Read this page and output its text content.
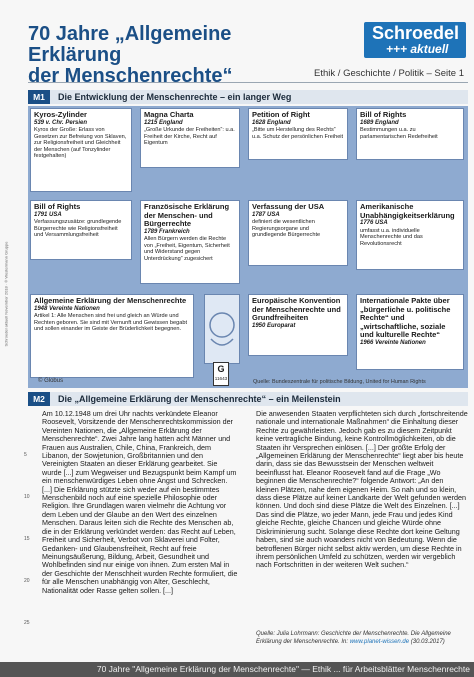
70 Jahre „Allgemeine Erklärung
der Menschenrechte“
Schroedel
+++ aktuell
Ethik / Geschichte / Politik – Seite 1
M1	Die Entwicklung der Menschenrechte – ein langer Weg
Kyros-Zylinder
539 v. Chr. Persien
Kyros der Große: Erlass von Gesetzen zur Befreiung von Sklaven, zur Religionsfreiheit und Gleichheit der Menschen (auf Tonzylinder festgehalten)
Magna Charta
1215 England
„Große Urkunde der Freiheiten“: u.a. Freiheit der Kirche, Recht auf Eigentum
Petition of Right
1628 England
„Bitte um Herstellung des Rechts“ u.a. Schutz der persönlichen Freiheit
Bill of Rights
1689 England
Bestimmungen u.a. zu parlamentarischen Redefreiheit
Bill of Rights
1791 USA
Verfassungszusätze: grundlegende Bürgerrechte wie Religionsfreiheit und Versammlungsfreiheit
Französische Erklärung der Menschen- und Bürgerrechte
1789 Frankreich
Allen Bürgern werden die Rechte von „Freiheit, Eigentum, Sicherheit und Widerstand gegen Unterdrückung“ zugesichert
Verfassung der USA
1787 USA
definiert die wesentlichen Regierungsorgane und grundlegende Bürgerrechte
Amerikanische Unabhängigkeitserklärung
1776 USA
umfasst u.a. individuelle Menschenrechte und das Revolutionsrecht
Allgemeine Erklärung der Menschenrechte
1948 Vereinte Nationen
Artikel 1: Alle Menschen sind frei und gleich an Würde und Rechten geboren. Sie sind mit Vernunft und Gewissen begabt und sollen einander im Geiste der Brüderlichkeit begegnen.
Europäische Konvention der Menschenrechte und Grundfreiheiten
1950 Europarat
Internationale Pakte über „bürgerliche u. politische Rechte“ und „wirtschaftliche, soziale und kulturelle Rechte“
1966 Vereinte Nationen
Schroedel aktuell November 2018 · © Westermann Gruppe
© Globus
G
11643
Quelle: Bundeszentrale für politische Bildung, United for Human Rights
M2	Die „Allgemeine Erklärung der Menschenrechte“ – ein Meilenstein
5
10
15
20
25
Am 10.12.1948 um drei Uhr nachts verkündete Eleanor Roosevelt, Vorsitzende der Menschenrechtskommission der Vereinten Nationen, die „Allgemeine Erklärung der Menschenrechte“. Zwei Jahre lang hatten acht Männer und Frauen aus Australien, Chile, China, Frankreich, dem Libanon, der Sowjetunion, Großbritannien und den Vereinigten Staaten an dieser Erklärung gearbeitet. Sie wurde [...] zum Wegweiser und Bezugspunkt beim Kampf um ein menschenwürdiges Leben ohne Angst und Schrecken. [...] Die Erklärung stützte sich weder auf ein bestimmtes Menschenbild noch auf eine spezielle Philosophie oder Religion. Ihre Grundlagen waren vielmehr die Achtung vor dem Leben und der Glaube an den Wert des einzelnen Menschen. Daraus leiten sich die Rechte des Menschen ab, die in der Erklärung verkündet werden: das Recht auf Leben, Freiheit und Sicherheit, Verbot von Sklaverei und Folter, Gedanken- und Glaubensfreiheit, Recht auf freie Meinungsäußerung, Bildung, Arbeit, Gesundheit und Wohlbefinden sind nur einige von ihnen. Zum ersten Mal in der Geschichte der Menschheit wurden Rechte formuliert, die für alle Menschen unabhängig von Alter, Geschlecht, Nationalität oder Rasse gelten sollen. [...]
Die anwesenden Staaten verpflichteten sich durch „fortschreitende nationale und internationale Maßnahmen“ die Einhaltung dieser Rechte zu gewährleisten. Jedoch gab es zu diesem Zeitpunkt keine vertragliche Bindung, keine Kontrollmöglichkeiten, ob die Staaten ihr Versprechen einlösen. [...] Der größte Erfolg der „Allgemeinen Erklärung der Menschenrechte“ liegt aber bis heute darin, dass sie das Bewusstsein der Menschen weltweit beeinflusst hat. Eleanor Roosevelt fand auf die Frage „Wo beginnen die Menschenrechte?“ folgende Antwort: „An den kleinen Plätzen, nahe dem eigenen Heim. So nah und so klein, dass diese Plätze auf keiner Landkarte der Welt gefunden werden können. Und doch sind diese Plätze die Welt des Einzelnen. [...] Das sind die Plätze, wo jeder Mann, jede Frau und jedes Kind gleiche Rechte, gleiche Chancen und gleiche Würde ohne Diskriminierung sucht. Solange diese Rechte dort keine Geltung haben, sind sie auch woanders nicht von Bedeutung. Wenn die betroffenen Bürger nicht selbst aktiv werden, um diese Rechte in ihrem persönlichen Umfeld zu schützen, werden wir vergeblich nach Fortschritten in der weiteren Welt suchen.“
Quelle: Julia Lohrmann: Geschichte der Menschenrechte. Die Allgemeine Erklärung der Menschenrechte. In: www.planet-wissen.de (30.03.2017)
70 Jahre "Allgemeine Erklärung der Menschenrechte" — Ethik ... für Arbeitsblätter Menschenrechte
